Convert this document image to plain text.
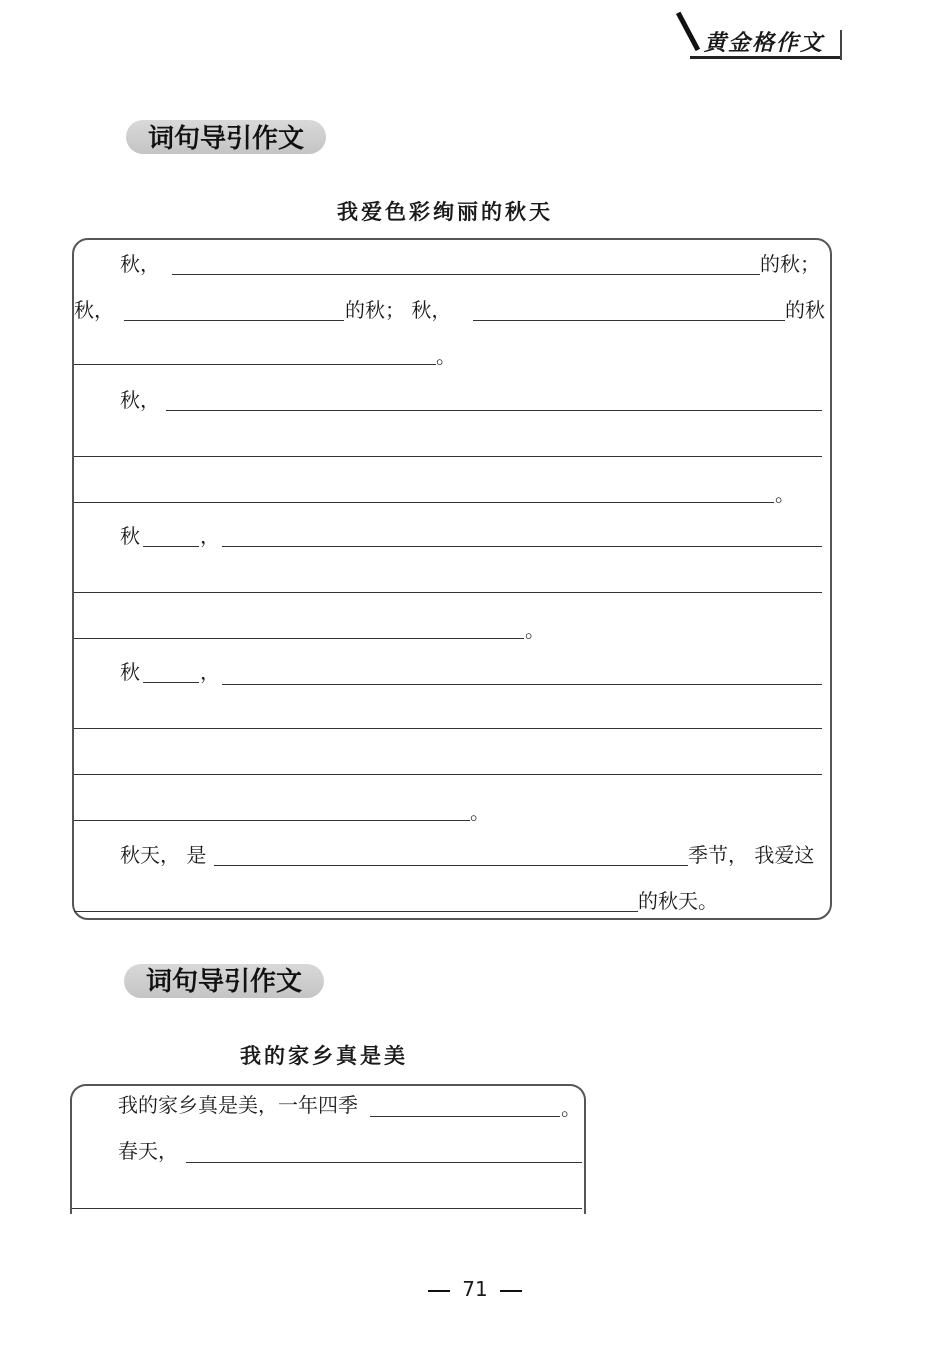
黄金格作文
词句导引作文
我爱色彩绚丽的秋天
秋，	的秋；
秋，	的秋； 秋，	的秋
。
秋，
。
秋	，
。
秋	，
。
秋天， 是	季节， 我爱这
的秋天。
词句导引作文
我的家乡真是美
我的家乡真是美，一年四季	。
春天，
71
